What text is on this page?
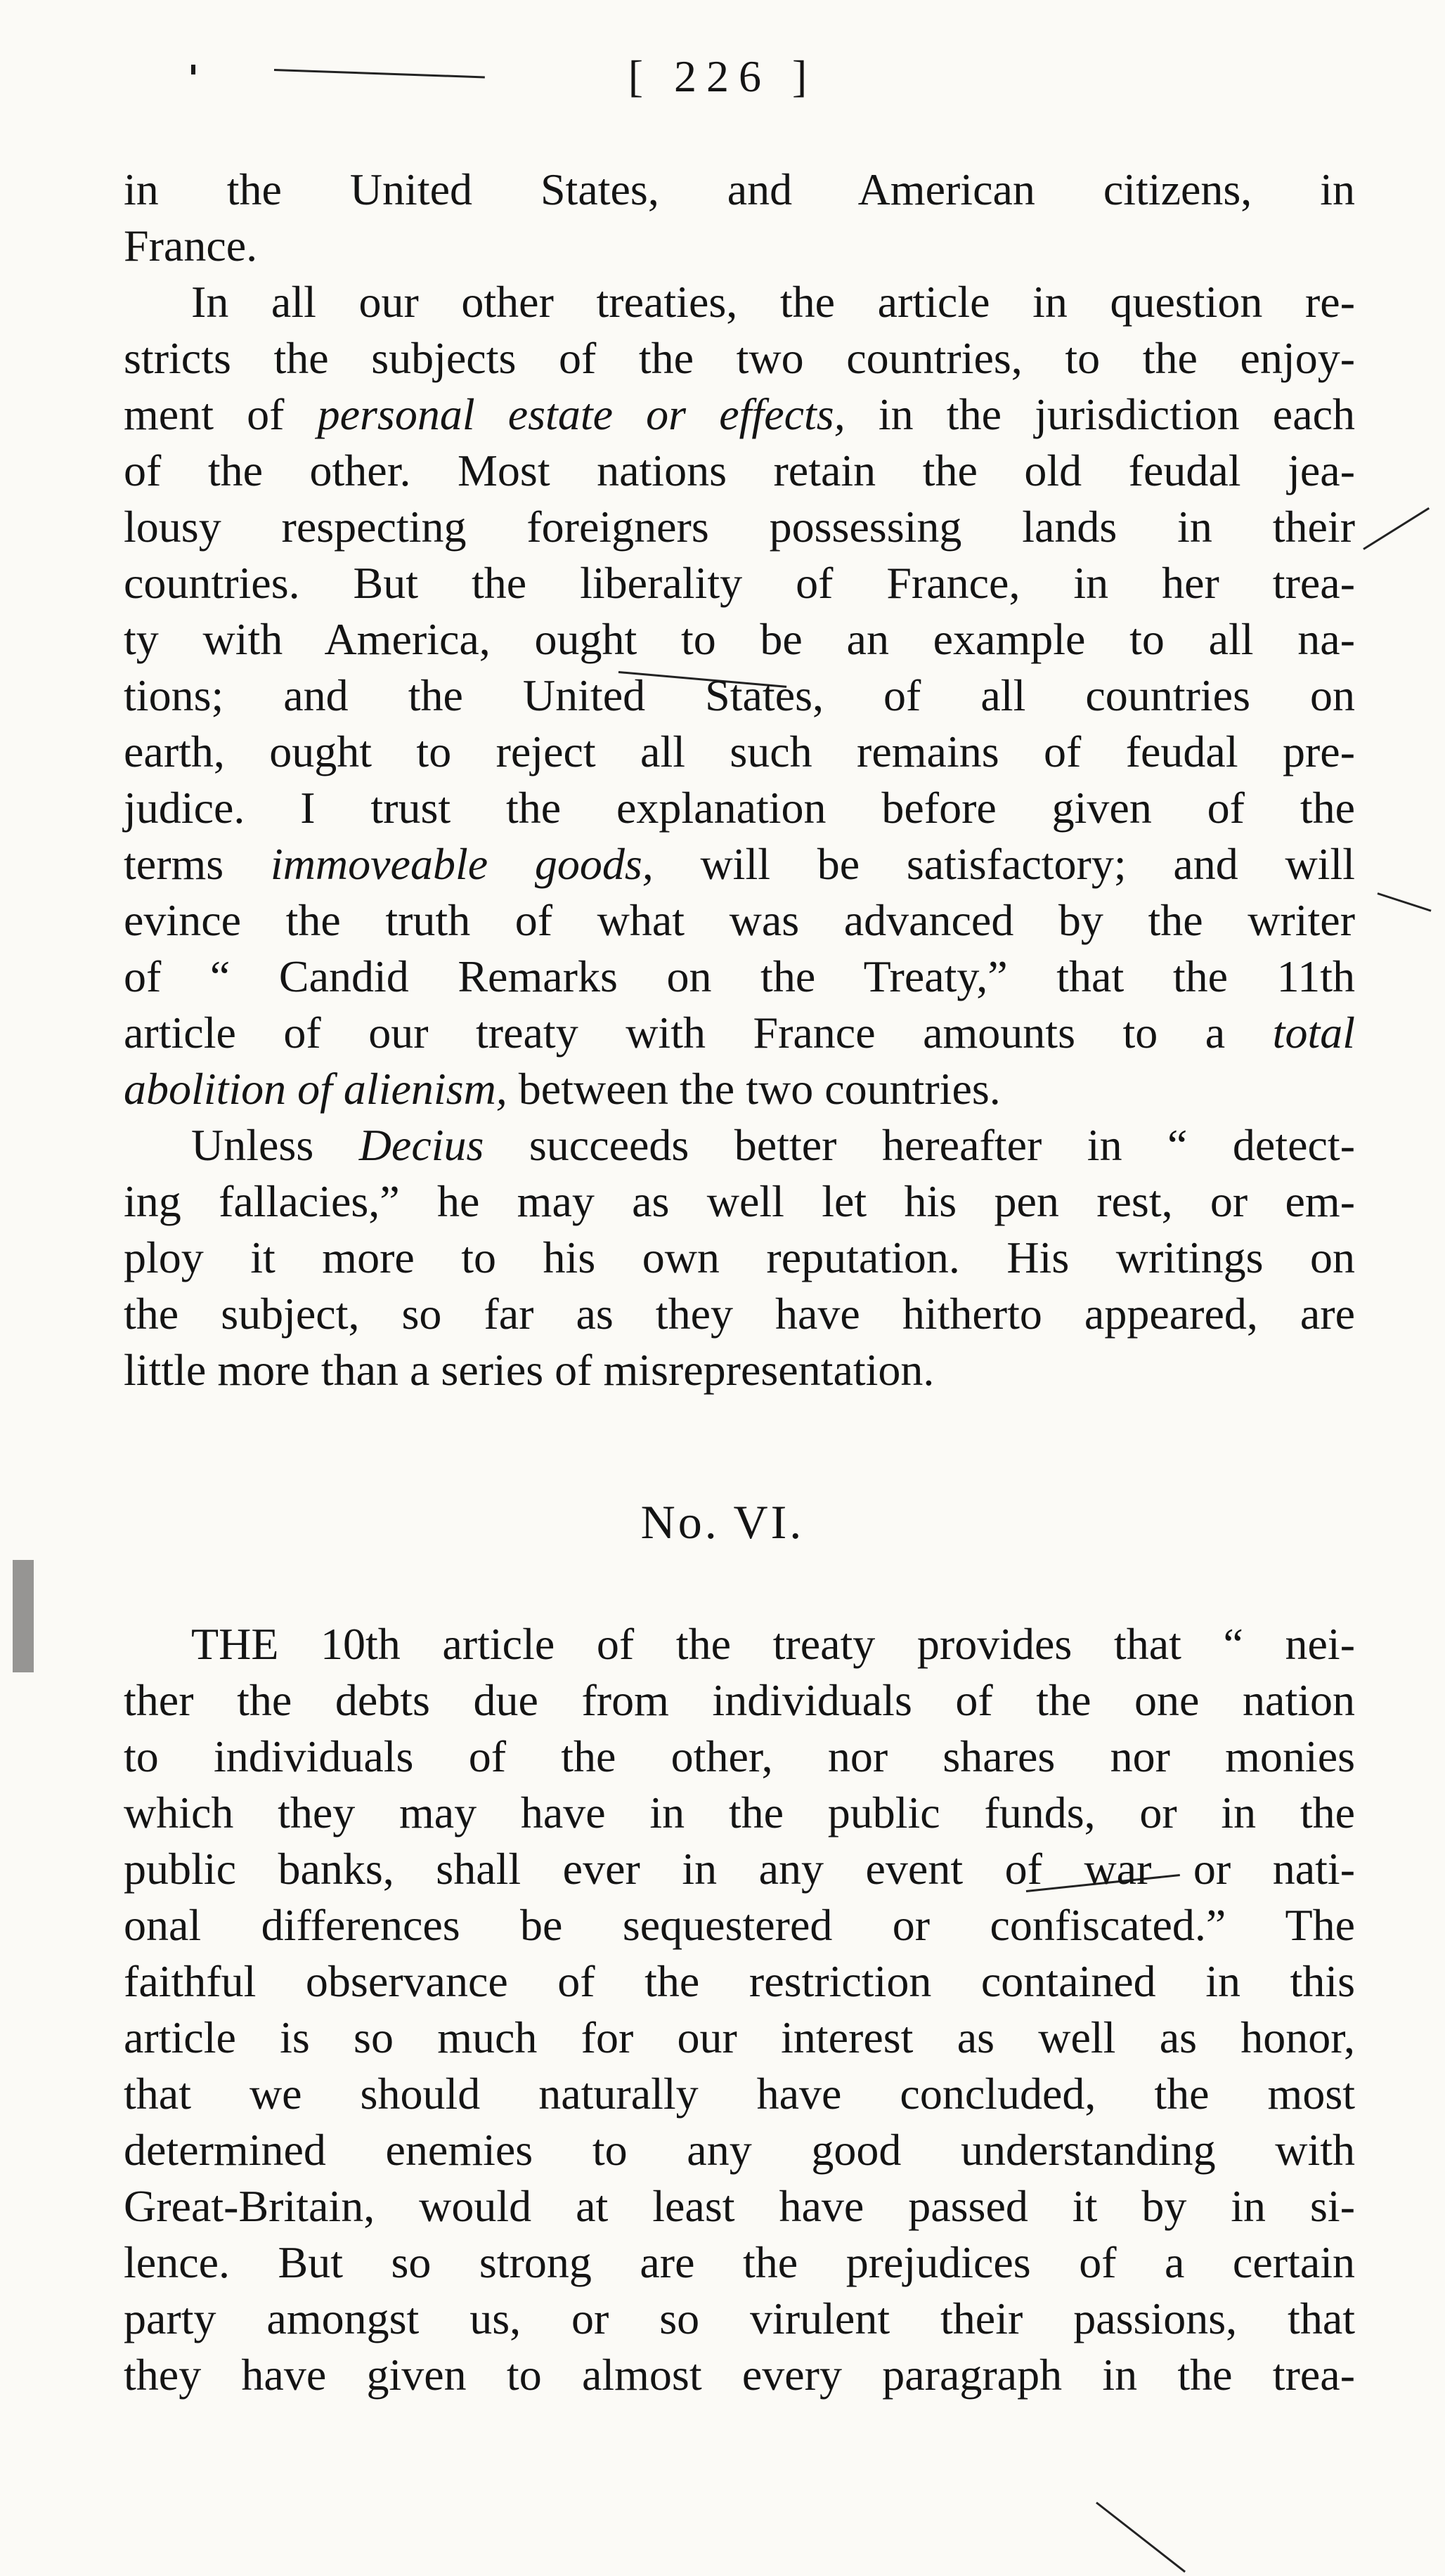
[ 226 ]
in the United States, and American citizens, in
France.
In all our other treaties, the article in question re-
stricts the subjects of the two countries, to the enjoy-
ment of personal estate or effects, in the jurisdiction each
of the other. Most nations retain the old feudal jea-
lousy respecting foreigners possessing lands in their
countries. But the liberality of France, in her trea-
ty with America, ought to be an example to all na-
tions; and the United States, of all countries on
earth, ought to reject all such remains of feudal pre-
judice. I trust the explanation before given of the
terms immoveable goods, will be satisfactory; and will
evince the truth of what was advanced by the writer
of “ Candid Remarks on the Treaty,” that the 11th
article of our treaty with France amounts to a total
abolition of alienism, between the two countries.
Unless Decius succeeds better hereafter in “ detect-
ing fallacies,” he may as well let his pen rest, or em-
ploy it more to his own reputation. His writings on
the subject, so far as they have hitherto appeared, are
little more than a series of misrepresentation.
No. VI.
THE 10th article of the treaty provides that “ nei-
ther the debts due from individuals of the one nation
to individuals of the other, nor shares nor monies
which they may have in the public funds, or in the
public banks, shall ever in any event of war or nati-
onal differences be sequestered or confiscated.” The
faithful observance of the restriction contained in this
article is so much for our interest as well as honor,
that we should naturally have concluded, the most
determined enemies to any good understanding with
Great-Britain, would at least have passed it by in si-
lence. But so strong are the prejudices of a certain
party amongst us, or so virulent their passions, that
they have given to almost every paragraph in the trea-
